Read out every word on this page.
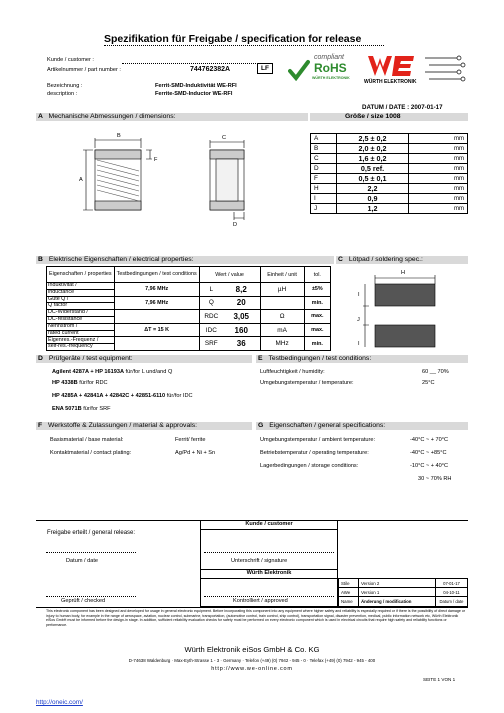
Spezifikation für Freigabe / specification for release
Kunde / customer :
Artikelnummer / part number :	744762382A	LF
Bezeichnung :	Ferrit-SMD-Induktivität WE-RFI
description :	Ferrite-SMD-Inductor WE-RFI
compliant
RoHS
WÜRTH ELEKTRONIK
WÜRTH ELEKTRONIK
DATUM / DATE : 2007-01-17
A Mechanische Abmessungen / dimensions:	Größe / size 1008
B
A
F
C
D
A	2,5 ± 0,2	mm
B	2,0 ± 0,2	mm
C	1,6 ± 0,2	mm
D	0,5 ref.	mm
F	0,5 ± 0,1	mm
H	2,2	mm
I	0,9	mm
J	1,2	mm
B Elektrische Eigenschaften / electrical properties:
Eigenschaften / properties	Testbedingungen / test conditions	Wert / value		Einheit / unit	tol.

Induktivität /
inductance	7,96 MHz	L	8,2	µH	±5%

Güte Q /
Q factor	7,96 MHz	Q	20		min.

DC-Widerstand /
DC-resistance		RDC	3,05	Ω	max.

Nennstrom /
rated current	ΔT = 15 K	IDC	160	mA	max.

Eigenres.-Frequenz /
self-res.-frequency		SRF	36	MHz	min.
C Lötpad / soldering spec.:
H
I
J
I
D Prüfgeräte / test equipment:	E Testbedingungen / test conditions:
Agilent 4287A + HP 16193A für/for L und/and Q
HP 4338B für/for RDC
HP 4285A + 42841A + 42842C + 42851-6110 für/for IDC
ENA 5071B für/for SRF
Luftfeuchtigkeit / humidity:	60 __ 70%
Umgebungstemperatur / temperature:	25°C
F Werkstoffe & Zulassungen / material & approvals:	G Eigenschaften / general specifications:
Basismaterial / base material:	Ferrit/ ferrite
Kontaktmaterial / contact plating:	Ag/Pd + Ni + Sn
Umgebungstemperatur / ambient temperature:	-40°C ~ + 70°C
Betriebstemperatur / operating temperature:	-40°C ~ +85°C
Lagerbedingungen / storage conditions:	-10°C ~ + 40°C
30 ~ 70% RH
Freigabe erteilt / general release:
Kunde / customer
Datum / date	Unterschrift / signature
Würth Elektronik
Geprüft / checked	Kontrolliert / approved
Stile	Version 2	07-01-17
AWe	Version 1	04-10-11
Name	Änderung / modification	Datum / date
This electronic component has been designed and developed for usage in general electronic equipment. Before incorporating this component into any equipment where higher safety and reliability is especially required or if there is the possibility of direct damage or injury to human body, for example in the range of aerospace, aviation, nuclear control, submarine, transportation, (automotive control, train control, ship control), transportation signal, disaster prevention, medical, public information network etc, Würth Elektronik eiSos GmbH must be informed before the design-in stage. In addition, sufficient reliability evaluation checks for safety must be performed on every electronic component which is used in electrical circuits that require high safety and reliability functions or performance.
Würth Elektronik eiSos GmbH & Co. KG
D-74638 Waldenburg · Max-Eyth-Strasse 1 - 3 · Germany · Telefon (+49) (0) 7942 - 945 - 0 · Telefax (+49) (0) 7942 - 945 - 400
http://www.we-online.com
SEITE 1 VON 1
http://oneic.com/
